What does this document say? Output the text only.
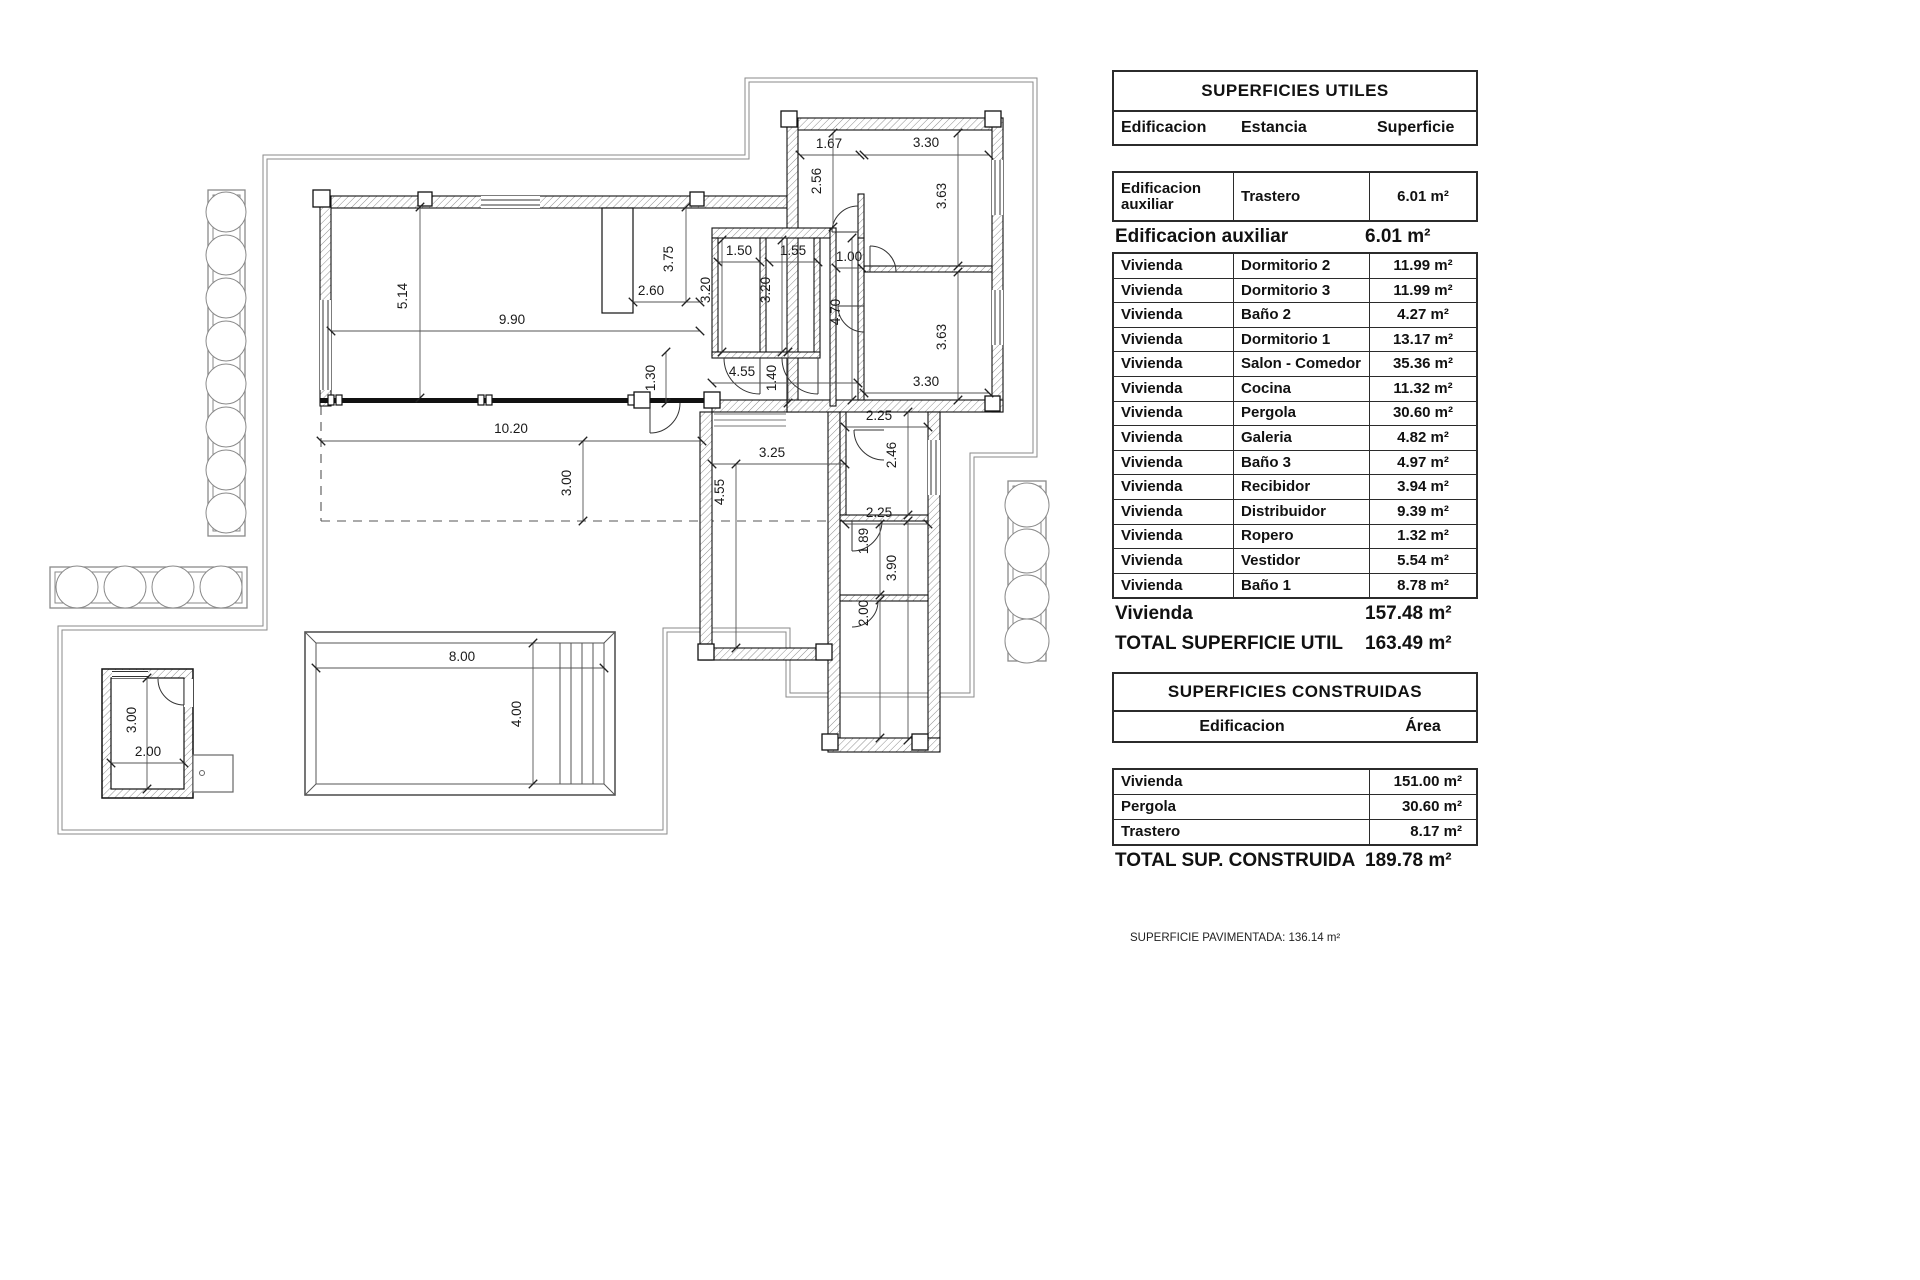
5.14
9.90
2.60
3.75
1.30
10.20
3.00
1.67	3.30
2.56
3.63
1.50 1.55 1.00
3.20	3.20
4.70
3.63
4.55 1.40	3.30
2.25
2.46
3.25
4.55
2.25
1.89
3.90
2.00
8.00
4.00
3.00
2.00
SUPERFICIES UTILES
Edificacion	Estancia	Superficie
Edificacion auxiliar	Trastero	6.01 m²
Edificacion auxiliar	6.01 m²
Vivienda	Dormitorio 2	11.99 m²
Vivienda	Dormitorio 3	11.99 m²
Vivienda	Baño 2	4.27 m²
Vivienda	Dormitorio 1	13.17 m²
Vivienda	Salon - Comedor	35.36 m²
Vivienda	Cocina	11.32 m²
Vivienda	Pergola	30.60 m²
Vivienda	Galeria	4.82 m²
Vivienda	Baño 3	4.97 m²
Vivienda	Recibidor	3.94 m²
Vivienda	Distribuidor	9.39 m²
Vivienda	Ropero	1.32 m²
Vivienda	Vestidor	5.54 m²
Vivienda	Baño 1	8.78 m²
Vivienda	157.48 m²
TOTAL SUPERFICIE UTIL	163.49 m²
SUPERFICIES CONSTRUIDAS
Edificacion	Área
Vivienda	151.00 m²
Pergola	30.60 m²
Trastero	8.17 m²
TOTAL SUP. CONSTRUIDA 189.78 m²
SUPERFICIE PAVIMENTADA: 136.14 m²
